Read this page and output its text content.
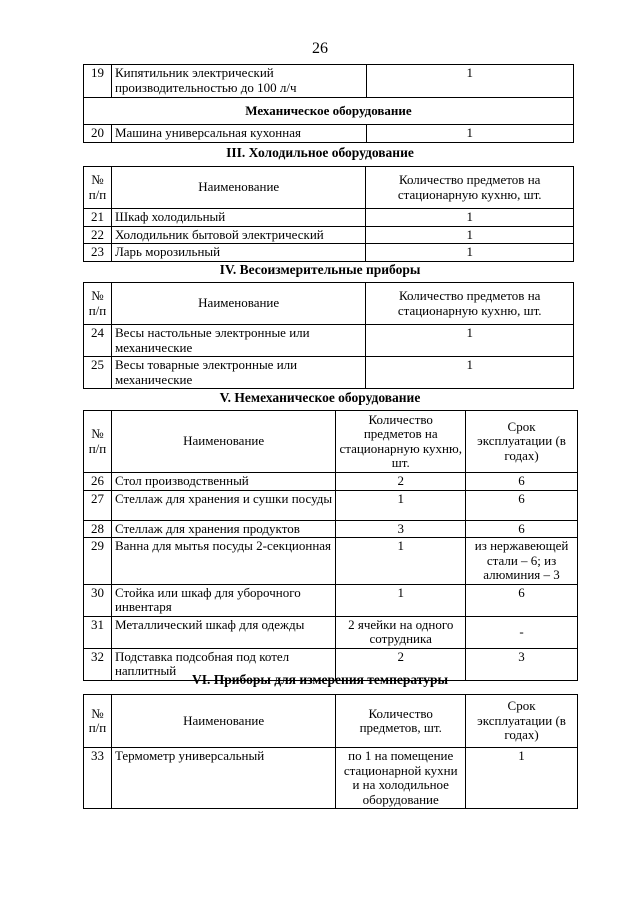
26
19	Кипятильник электрический производительностью до 100 л/ч	1
Механическое оборудование		
20	Машина универсальная кухонная	1
III. Холодильное оборудование
№ п/п	Наименование	Количество предметов на стационарную кухню, шт.
21	Шкаф холодильный	1
22	Холодильник бытовой электрический	1
23	Ларь морозильный	1
IV. Весоизмерительные приборы
№ п/п	Наименование	Количество предметов на стационарную кухню, шт.
24	Весы настольные электронные или механические	1
25	Весы товарные электронные или механические	1
V. Немеханическое оборудование
№ п/п	Наименование	Количество предметов на стационарную кухню, шт.	Срок эксплуатации (в годах)
26	Стол производственный	2	6
27	Стеллаж для хранения и сушки посуды	1	6
28	Стеллаж для хранения продуктов	3	6
29	Ванна для мытья посуды 2-секционная	1	из нержавеющей стали – 6; из алюминия – 3
30	Стойка или шкаф для уборочного инвентаря	1	6
31	Металлический шкаф для одежды	2 ячейки на одного сотрудника	-
32	Подставка подсобная под котел наплитный	2	3
VI. Приборы для измерения температуры
№ п/п	Наименование	Количество предметов, шт.	Срок эксплуатации (в годах)
33	Термометр универсальный	по 1 на помещение стационарной кухни и на холодильное оборудование	1
